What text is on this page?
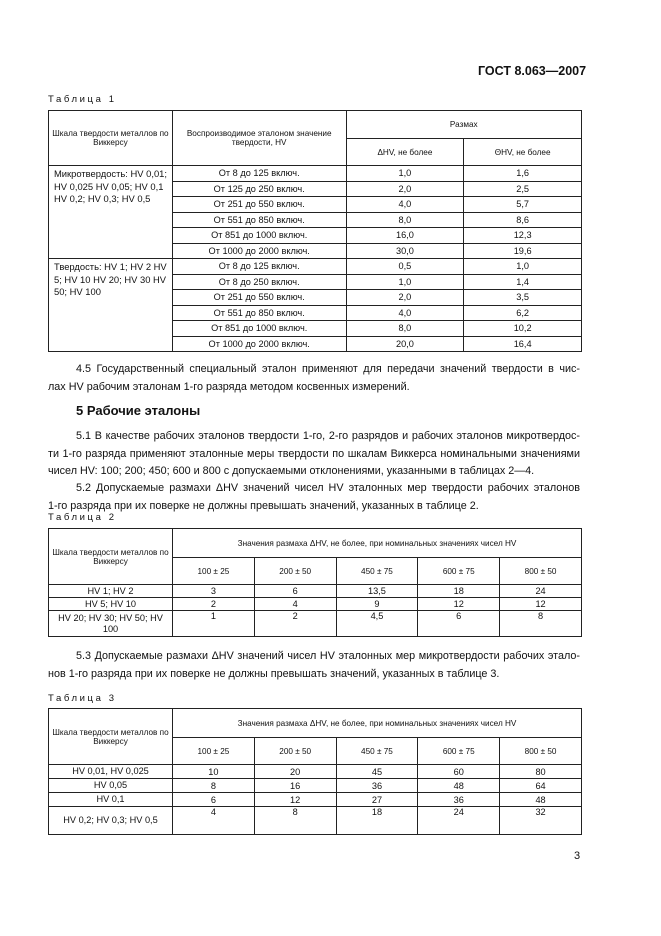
ГОСТ 8.063—2007
Таблица 1
Шкала твердости металлов по Виккерсу	Воспроизводимое эталоном значение твердости, HV	Размах	
		ΔHV, не более	ΘHV, не более
Микротвердость: HV 0,01; HV 0,025 HV 0,05; HV 0,1 HV 0,2; HV 0,3; HV 0,5	От 8 до 125 включ.	1,0	1,6
	От 125 до 250 включ.	2,0	2,5
	От 251 до 550 включ.	4,0	5,7
	От 551 до 850 включ.	8,0	8,6
	От 851 до 1000 включ.	16,0	12,3
	От 1000 до 2000 включ.	30,0	19,6
Твердость: HV 1; HV 2 HV 5; HV 10 HV 20; HV 30 HV 50; HV 100	От 8 до 125 включ.	0,5	1,0
	От 8 до 250 включ.	1,0	1,4
	От 251 до 550 включ.	2,0	3,5
	От 551 до 850 включ.	4,0	6,2
	От 851 до 1000 включ.	8,0	10,2
	От 1000 до 2000 включ.	20,0	16,4
4.5 Государственный специальный эталон применяют для передачи значений твердости в чис-
лах HV рабочим эталонам 1-го разряда методом косвенных измерений.
5 Рабочие эталоны
5.1 В качестве рабочих эталонов твердости 1-го, 2-го разрядов и рабочих эталонов микротвердос-
ти 1-го разряда применяют эталонные меры твердости по шкалам Виккерса номинальными значениями
чисел HV: 100; 200; 450; 600 и 800 с допускаемыми отклонениями, указанными в таблицах 2—4.
5.2 Допускаемые размахи ΔHV значений чисел HV эталонных мер твердости рабочих эталонов
1-го разряда при их поверке не должны превышать значений, указанных в таблице 2.
Таблица 2
Шкала твердости металлов по Виккерсу	Значения размаха ΔHV, не более, при номинальных значениях чисел HV				
	100 ± 25	200 ± 50	450 ± 75	600 ± 75	800 ± 50
HV 1; HV 2	3	6	13,5	18	24
HV 5; HV 10	2	4	9	12	12
HV 20; HV 30; HV 50; HV 100	1	2	4,5	6	8
5.3 Допускаемые размахи ΔHV значений чисел HV эталонных мер микротвердости рабочих этало-
нов 1-го разряда при их поверке не должны превышать значений, указанных в таблице 3.
Таблица 3
Шкала твердости металлов по Виккерсу	Значения размаха ΔHV, не более, при номинальных значениях чисел HV				
	100 ± 25	200 ± 50	450 ± 75	600 ± 75	800 ± 50
HV 0,01, HV 0,025	10	20	45	60	80
HV 0,05	8	16	36	48	64
HV 0,1	6	12	27	36	48
HV 0,2; HV 0,3; HV 0,5	4	8	18	24	32
3
